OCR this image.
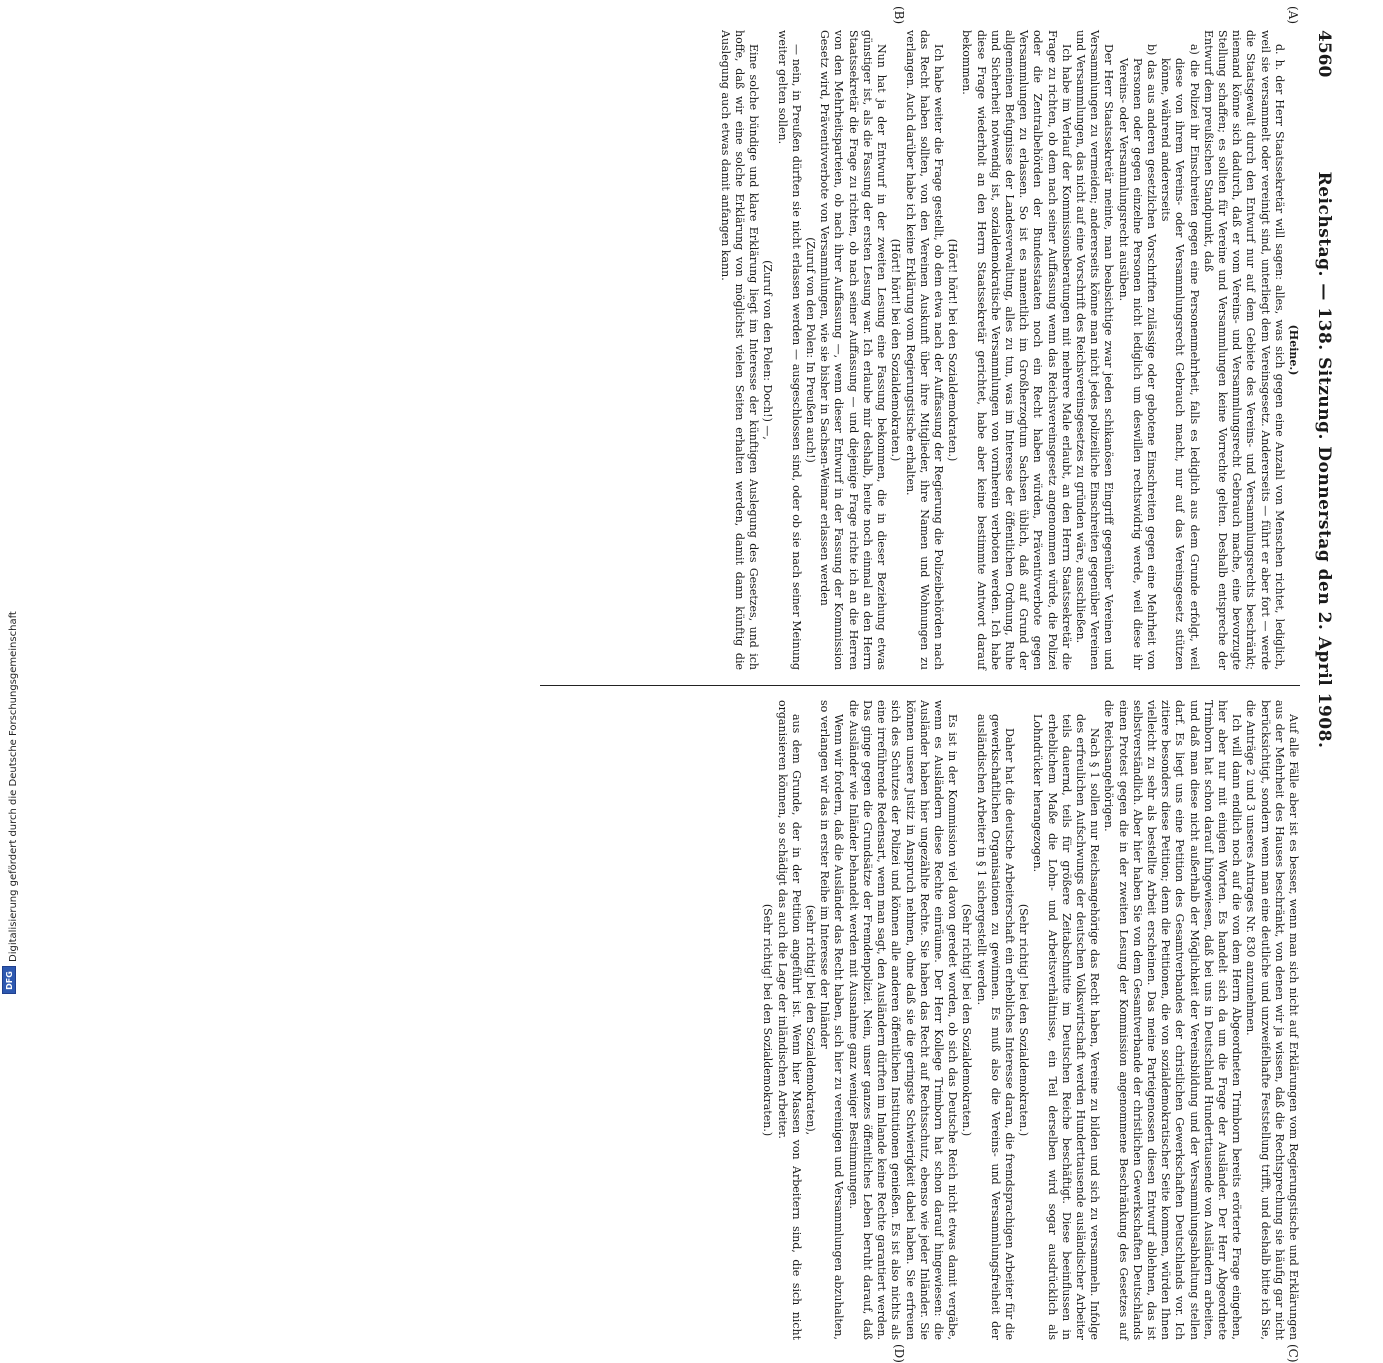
Digitalisierung gefördert durch die Deutsche Forschungsgemeinschaft
DFG
4560
Reichstag. — 138. Sitzung. Donnerstag den 2. April 1908.
(A)
(B)
(C)
(D)

(Heine.)

d. h. der Herr Staatssekretär will sagen: alles, was sich gegen eine Anzahl von Menschen richtet, lediglich, weil sie versammelt oder vereinigt sind, unterliegt dem Vereinsgesetz. Andererseits — führt er aber fort — werde die Staatsgewalt durch den Entwurf nur auf dem Gebiete des Vereins- und Versammlungsrechts beschränkt; niemand könne sich dadurch, daß er vom Vereins- und Versammlungsrecht Gebrauch mache, eine bevorzugte Stellung schaffen; es sollten für Vereine und Versammlungen keine Vorrechte gelten. Deshalb entspreche der Entwurf dem preußischen Standpunkt, daß

a) die Polizei ihr Einschreiten gegen eine Personenmehrheit, falls es lediglich aus dem Grunde erfolgt, weil diese von ihrem Vereins- oder Versammlungsrecht Gebrauch macht, nur auf das Vereinsgesetz stützen könne, während andererseits

b) das aus anderen gesetzlichen Vorschriften zulässige oder gebotene Einschreiten gegen eine Mehrheit von Personen oder gegen einzelne Personen nicht lediglich um deswillen rechtswidrig werde, weil diese ihr Vereins- oder Versammlungsrecht ausüben.

Der Herr Staatssekretär meinte, man beabsichtige zwar jeden schikanösen Eingriff gegenüber Vereinen und Versammlungen zu vermeiden; andererseits könne man nicht jedes polizeiliche Einschreiten gegenüber Vereinen und Versammlungen, das nicht auf eine Vorschrift des Reichsvereinsgesetzes zu gründen wäre, ausschließen.

Ich habe im Verlauf der Kommissionsberatungen mit mehrere Male erlaubt, an den Herrn Staatssekretär die Frage zu richten, ob dem nach seiner Auffassung wenn das Reichsvereinsgesetz angenommen würde, die Polizei oder die Zentralbehörden der Bundesstaaten noch ein Recht haben würden, Präventivverbote gegen Versammlungen zu erlassen. So ist es namentlich im Großherzogtum Sachsen üblich, daß auf Grund der allgemeinen Befugnisse der Landesverwaltung, alles zu tun, was im Interesse der öffentlichen Ordnung, Ruhe und Sicherheit notwendig ist, sozialdemokratische Versammlungen von vornherein verboten werden. Ich habe diese Frage wiederholt an den Herrn Staatssekretär gerichtet, habe aber keine bestimmte Antwort darauf bekommen.

(Hört! hört! bei den Sozialdemokraten.)

Ich habe weiter die Frage gestellt, ob dem etwa nach der Auffassung der Regierung die Polizeibehörden nach das Recht haben sollten, von den Vereinen Auskunft über ihre Mitglieder, ihre Namen und Wohnungen zu verlangen. Auch darüber habe ich keine Erklärung vom Regierungstische erhalten.

(Hört! hört! bei den Sozialdemokraten.)

Nun hat ja der Entwurf in der zweiten Lesung eine Fassung bekommen, die in dieser Beziehung etwas günstiger ist, als die Fassung der ersten Lesung war. Ich erlaube mir deshalb, heute noch einmal an den Herrn Staatssekretär die Frage zu richten, ob nach seiner Auffassung — und diejenige Frage richte ich an die Herren von den Mehrheitsparteien, ob nach ihrer Auffassung —, wenn dieser Entwurf in der Fassung der Kommission Gesetz wird, Präventivverbote von Versammlungen, wie sie bisher in Sachsen-Weimar erlassen werden

(Zuruf von den Polen: In Preußen auch!)

— nein, in Preußen dürften sie nicht erlassen werden — ausgeschlossen sind, oder ob sie nach seiner Meinung weiter gelten sollen.

(Zuruf von den Polen: Doch!) —,

Eine solche bündige und klare Erklärung liegt im Interesse der künftigen Auslegung des Gesetzes, und ich hoffe, daß wir eine solche Erklärung von möglichst vielen Seiten erhalten werden, damit dann künftig die Auslegung auch etwas damit anfangen kann.

Auf alle Fälle aber ist es besser, wenn man sich nicht auf Erklärungen vom Regierungstische und Erklärungen aus der Mehrheit des Hauses beschränkt, von denen wir ja wissen, daß die Rechtsprechung sie häufig gar nicht berücksichtigt, sondern wenn man eine deutliche und unzweifelhafte Feststellung trifft, und deshalb bitte ich Sie, die Anträge 2 und 3 unseres Antrages Nr. 830 anzunehmen.

Ich will dann endlich noch auf die von dem Herrn Abgeordneten Trimborn bereits erörterte Frage eingehen, hier aber nur mit einigen Worten. Es handelt sich da um die Frage der Ausländer. Der Herr Abgeordnete Trimborn hat schon darauf hingewiesen, daß bei uns in Deutschland Hunderttausende von Ausländern arbeiten, und daß man diese nicht außerhalb der Möglichkeit der Vereinsbildung und der Versammlungsabhaltung stellen darf. Es liegt uns eine Petition des Gesamtverbandes der christlichen Gewerkschaften Deutschlands vor. Ich zitiere besonders diese Petition; denn die Petitionen, die von sozialdemokratischer Seite kommen, würden Ihnen vielleicht zu sehr als bestellte Arbeit erscheinen. Das meine Parteigenossen diesen Entwurf ablehnen, das ist selbstverständlich. Aber hier haben Sie von dem Gesamtverbande der christlichen Gewerkschaften Deutschlands einen Protest gegen die in der zweiten Lesung der Kommission angenommene Beschränkung des Gesetzes auf die Reichsangehörigen.

Nach § 1 sollen nur Reichsangehörige das Recht haben, Vereine zu bilden und sich zu versammeln. Infolge des erfreulichen Aufschwungs der deutschen Volkswirtschaft werden Hunderttausende ausländischer Arbeiter teils dauernd, teils für größere Zeitabschnitte im Deutschen Reiche beschäftigt. Diese beeinflussen in erheblichem Maße die Lohn- und Arbeitsverhältnisse, ein Teil derselben wird sogar ausdrücklich als Lohndrücker herangezogen.

(Sehr richtig! bei den Sozialdemokraten.)

Daher hat die deutsche Arbeiterschaft ein erhebliches Interesse daran, die fremdsprachigen Arbeiter für die gewerkschaftlichen Organisationen zu gewinnen. Es muß also die Vereins- und Versammlungsfreiheit der ausländischen Arbeiter in § 1 sichergestellt werden.

(Sehr richtig! bei den Sozialdemokraten.)

Es ist in der Kommission viel davon geredet worden, ob sich das Deutsche Reich nicht etwas damit vergäbe, wenn es Ausländern diese Rechte einräume. Der Herr Kollege Trimborn hat schon darauf hingewiesen: die Ausländer haben hier ungezählte Rechte. Sie haben das Recht auf Rechtsschutz, ebenso wie jeder Inländer. Sie können unsere Justiz in Anspruch nehmen, ohne daß sie die geringste Schwierigkeit dabei haben. Sie erfreuen sich des Schutzes der Polizei und können alle anderen öffentlichen Institutionen genießen. Es ist also nichts als eine irreführende Redensart, wenn man sagt, den Ausländern dürften im Inlande keine Rechte garantiert werden. Das ginge gegen die Grundsätze der Fremdenpolizei. Nein, unser ganzes öffentliches Leben beruht darauf, daß die Ausländer wie Inländer behandelt werden mit Ausnahme ganz weniger Bestimmungen.

Wenn wir fordern, daß die Ausländer das Recht haben, sich hier zu vereinigen und Versammlungen abzuhalten, so verlangen wir das in erster Reihe im Interesse der Inländer

(sehr richtig! bei den Sozialdemokraten),

aus dem Grunde, der in der Petition angeführt ist. Wenn hier Massen von Arbeitern sind, die sich nicht organisieren können, so schädigt das auch die Lage der inländischen Arbeiter.

(Sehr richtig! bei den Sozialdemokraten.)
